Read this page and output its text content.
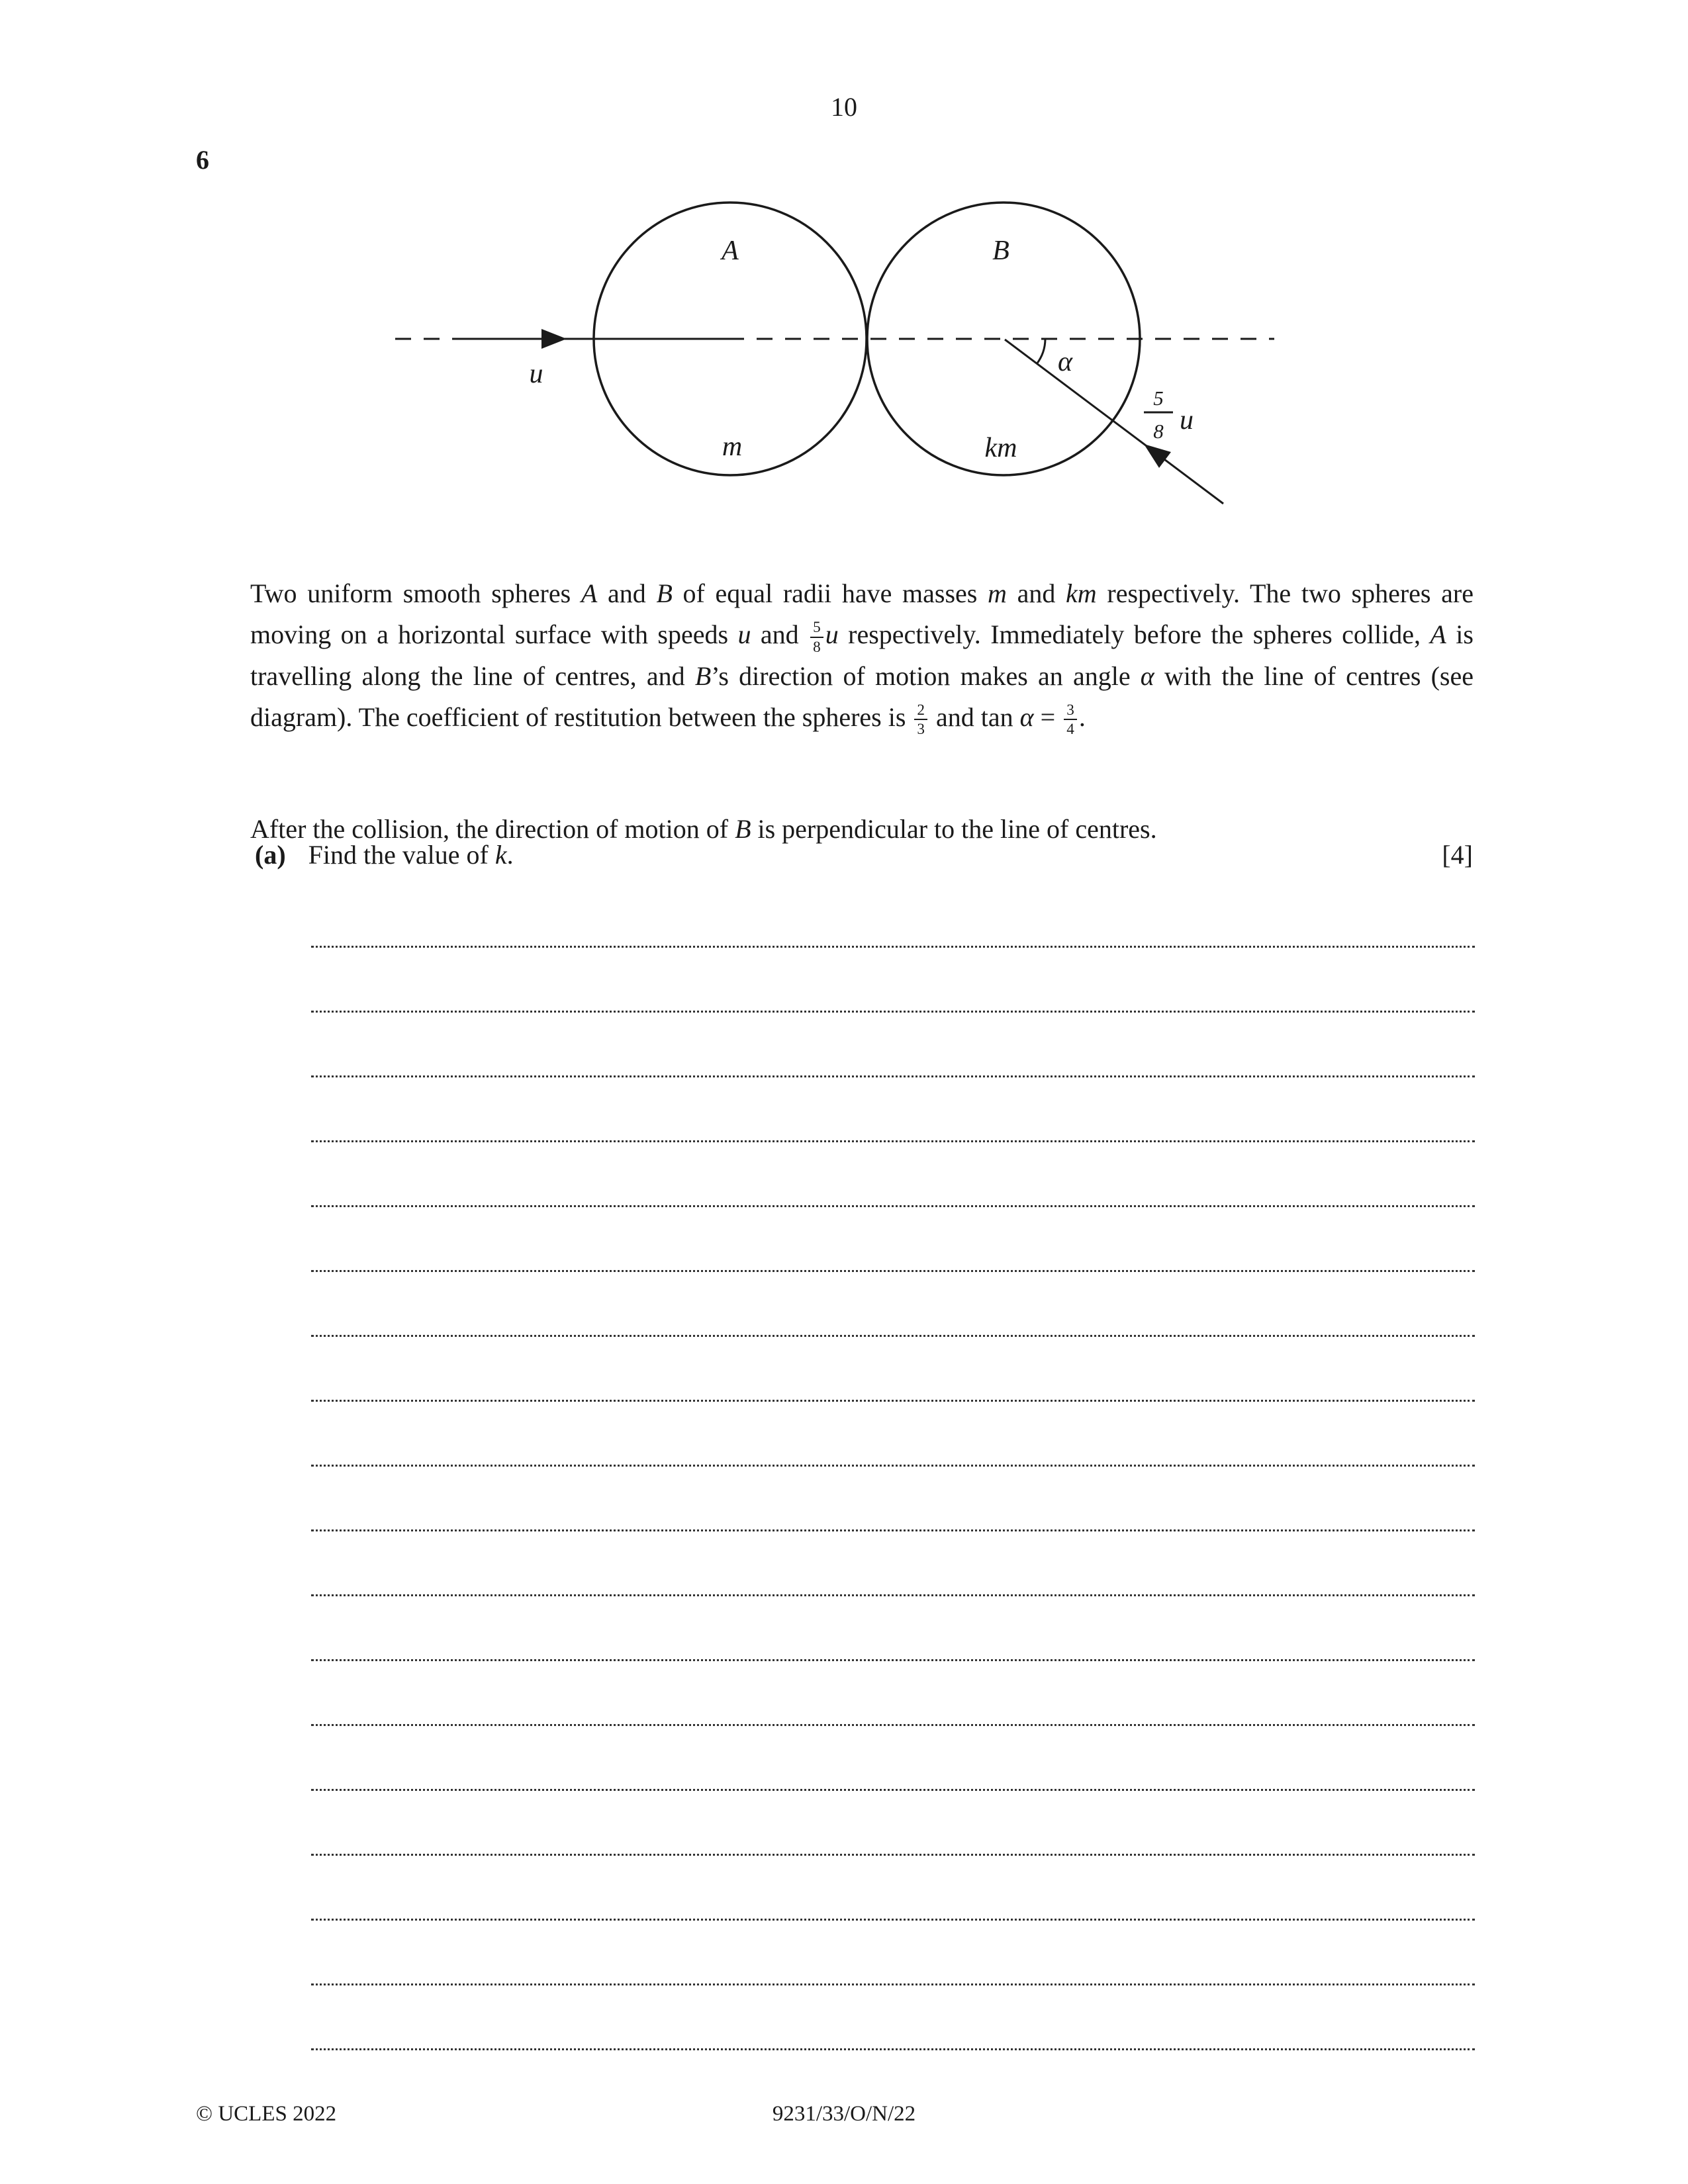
10
6
A	B
m	km
u	α
5
8 u

Two uniform smooth spheres A and B of equal radii have masses m and km respectively. The two spheres are moving on a horizontal surface with speeds u and $\frac{5}{8}$ u respectively. Immediately before the spheres collide, A is travelling along the line of centres, and B’s direction of motion makes an angle α with the line of centres (see diagram). The coefficient of restitution between the spheres is $\frac{2}{3}$ and $\tan \alpha = \frac{3}{4}$ .

After the collision, the direction of motion of B is perpendicular to the line of centres.

(a) Find the value of k.	[4]
© UCLES 2022	9231/33/O/N/22
